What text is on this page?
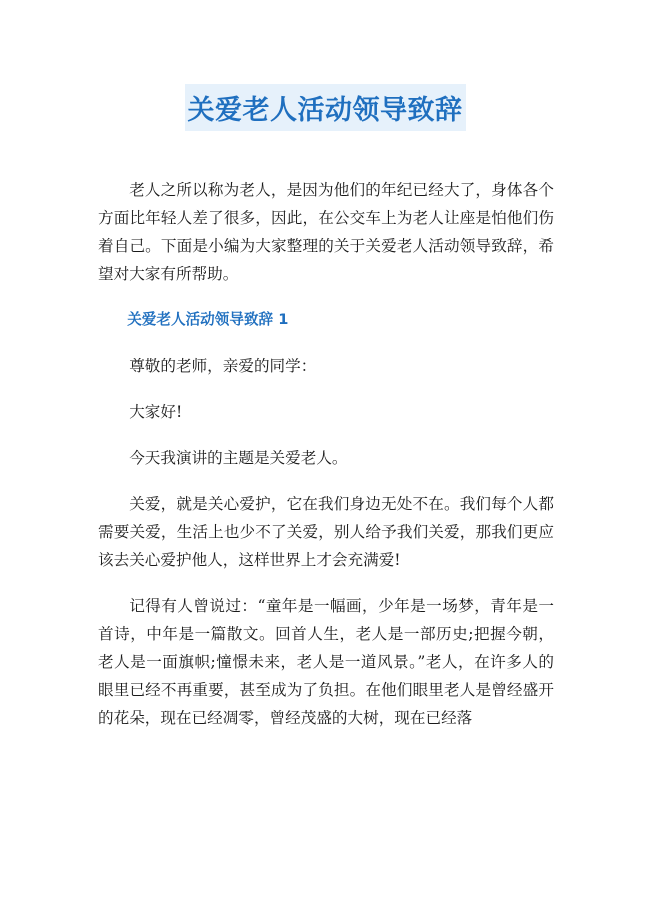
关爱老人活动领导致辞

老人之所以称为老人，是因为他们的年纪已经大了，身体各个方面比年轻人差了很多，因此，在公交车上为老人让座是怕他们伤着自己。下面是小编为大家整理的关于关爱老人活动领导致辞，希望对大家有所帮助。

关爱老人活动领导致辞 1

尊敬的老师，亲爱的同学：

大家好!

今天我演讲的主题是关爱老人。

关爱，就是关心爱护，它在我们身边无处不在。我们每个人都需要关爱，生活上也少不了关爱，别人给予我们关爱，那我们更应该去关心爱护他人，这样世界上才会充满爱!

记得有人曾说过：“童年是一幅画，少年是一场梦，青年是一首诗，中年是一篇散文。回首人生，老人是一部历史;把握今朝，老人是一面旗帜;憧憬未来，老人是一道风景。”老人，在许多人的眼里已经不再重要，甚至成为了负担。在他们眼里老人是曾经盛开的花朵，现在已经凋零，曾经茂盛的大树，现在已经落
